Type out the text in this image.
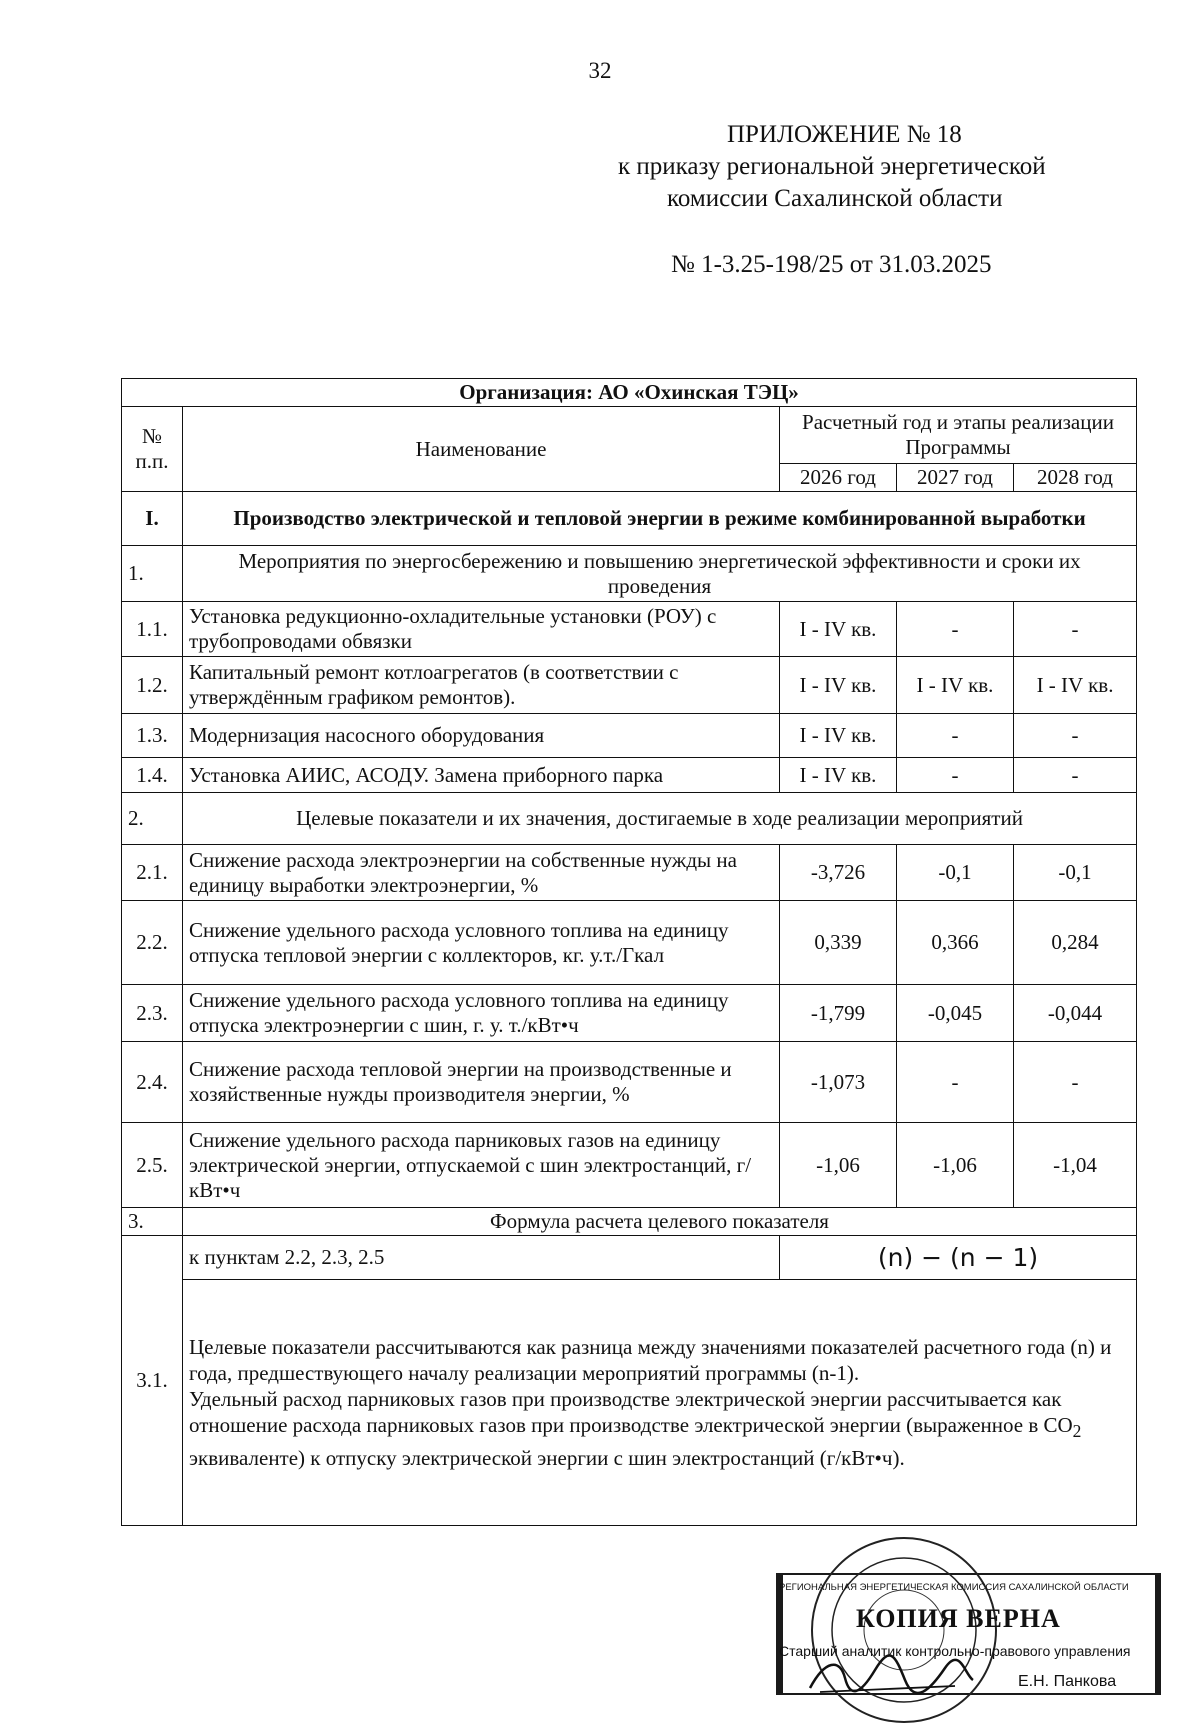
32
ПРИЛОЖЕНИЕ № 18
к приказу региональной энергетической
комиссии Сахалинской области
№ 1-3.25-198/25 от 31.03.2025
Организация: АО «Охинская ТЭЦ»				
№ п.п.	Наименование	Расчетный год и этапы реализации Программы		
		2026 год	2027 год	2028 год
I.	Производство электрической и тепловой энергии в режиме комбинированной выработки			
1.	Мероприятия по энергосбережению и повышению энергетической эффективности и сроки их проведения			
1.1.	Установка редукционно-охладительные установки (РОУ) с трубопроводами обвязки	I - IV кв.	-	-
1.2.	Капитальный ремонт котлоагрегатов (в соответствии с утверждённым графиком ремонтов).	I - IV кв.	I - IV кв.	I - IV кв.
1.3.	Модернизация насосного оборудования	I - IV кв.	-	-
1.4.	Установка АИИС, АСОДУ. Замена приборного парка	I - IV кв.	-	-
2.	Целевые показатели и их значения, достигаемые в ходе реализации мероприятий			
2.1.	Снижение расхода электроэнергии на собственные нужды на единицу выработки электроэнергии, %	-3,726	-0,1	-0,1
2.2.	Снижение удельного расхода условного топлива на единицу отпуска тепловой энергии с коллекторов, кг. у.т./Гкал	0,339	0,366	0,284
2.3.	Снижение удельного расхода условного топлива на единицу отпуска электроэнергии с шин, г. у. т./кВт•ч	-1,799	-0,045	-0,044
2.4.	Снижение расхода тепловой энергии на производственные и хозяйственные нужды производителя энергии, %	-1,073	-	-
2.5.	Снижение удельного расхода парниковых газов на единицу электрической энергии, отпускаемой с шин электростанций, г/кВт•ч	-1,06	-1,06	-1,04
3.	Формула расчета целевого показателя			
3.1.	к пунктам 2.2, 2.3, 2.5	(n) − (n − 1)		

	Целевые показатели рассчитываются как разница между значениями показателей расчетного года (n) и года, предшествующего началу реализации мероприятий программы (n-1).
Удельный расход парниковых газов при производстве электрической энергии рассчитывается как отношение расхода парниковых газов при производстве электрической энергии (выраженное в $СО_2$ эквиваленте) к отпуску электрической энергии с шин электростанций (г/кВт•ч).			
РЕГИОНАЛЬНАЯ ЭНЕРГЕТИЧЕСКАЯ КОМИССИЯ САХАЛИНСКОЙ ОБЛАСТИ
КОПИЯ ВЕРНА
Старший аналитик контрольно-правового управления
Е.Н. Панкова
